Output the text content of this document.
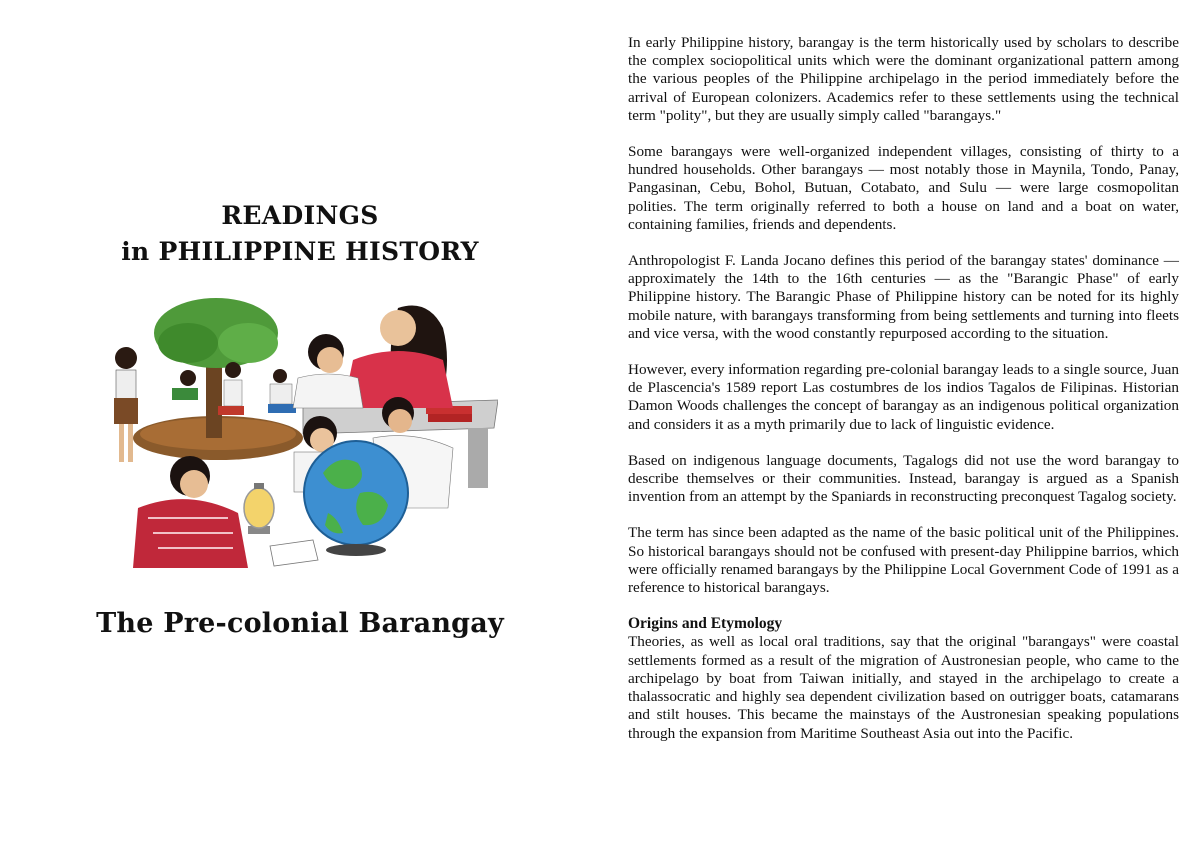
READINGS
in PHILIPPINE HISTORY
The Pre-colonial Barangay

In early Philippine history, barangay is the term historically used by scholars to describe the complex sociopolitical units which were the dominant organizational pattern among the various peoples of the Philippine archipelago in the period immediately before the arrival of European colonizers. Academics refer to these settlements using the technical term "polity", but they are usually simply called "barangays."

Some barangays were well-organized independent villages, consisting of thirty to a hundred households. Other barangays — most notably those in Maynila, Tondo, Panay, Pangasinan, Cebu, Bohol, Butuan, Cotabato, and Sulu — were large cosmopolitan polities. The term originally referred to both a house on land and a boat on water, containing families, friends and dependents.

Anthropologist F. Landa Jocano defines this period of the barangay states' dominance — approximately the 14th to the 16th centuries — as the "Barangic Phase" of early Philippine history. The Barangic Phase of Philippine history can be noted for its highly mobile nature, with barangays transforming from being settlements and turning into fleets and vice versa, with the wood constantly repurposed according to the situation.

However, every information regarding pre-colonial barangay leads to a single source, Juan de Plascencia's 1589 report Las costumbres de los indios Tagalos de Filipinas. Historian Damon Woods challenges the concept of barangay as an indigenous political organization and considers it as a myth primarily due to lack of linguistic evidence.

Based on indigenous language documents, Tagalogs did not use the word barangay to describe themselves or their communities. Instead, barangay is argued as a Spanish invention from an attempt by the Spaniards in reconstructing preconquest Tagalog society.

The term has since been adapted as the name of the basic political unit of the Philippines. So historical barangays should not be confused with present-day Philippine barrios, which were officially renamed barangays by the Philippine Local Government Code of 1991 as a reference to historical barangays.

Origins and Etymology

Theories, as well as local oral traditions, say that the original "barangays" were coastal settlements formed as a result of the migration of Austronesian people, who came to the archipelago by boat from Taiwan initially, and stayed in the archipelago to create a thalassocratic and highly sea dependent civilization based on outrigger boats, catamarans and stilt houses. This became the mainstays of the Austronesian speaking populations through the expansion from Maritime Southeast Asia out into the Pacific.
